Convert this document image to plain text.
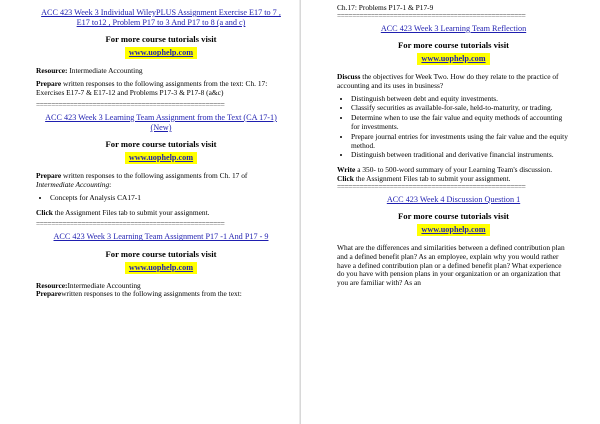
ACC 423 Week 3 Individual WileyPLUS Assignment Exercise E17 to 7 , E17 to12 , Problem P17 to 3 And P17 to 8 (a and c)
For more course tutorials visit
www.uophelp.com

Resource: Intermediate Accounting

Prepare written responses to the following assignments from the text: Ch. 17: Exercises E17-7 & E17-12 and Problems P17-3 & P17-8 (a&c)

==================================================
ACC 423 Week 3 Learning Team Assignment from the Text (CA 17-1)(New)
For more course tutorials visit
www.uophelp.com

Prepare written responses to the following assignments from Ch. 17 of Intermediate Accounting:

• Concepts for Analysis CA17-1

Click the Assignment Files tab to submit your assignment.

==================================================
ACC 423 Week 3 Learning Team Assignment P17 -1 And P17 - 9
For more course tutorials visit
www.uophelp.com

Resource:Intermediate Accounting

Preparewritten responses to the following assignments from the text:

Ch.17: Problems P17-1 & P17-9

==================================================
ACC 423 Week 3 Learning Team Reflection
For more course tutorials visit
www.uophelp.com

Discuss the objectives for Week Two. How do they relate to the practice of accounting and its uses in business?

• Distinguish between debt and equity investments.
• Classify securities as available-for-sale, held-to-maturity, or trading.
• Determine when to use the fair value and equity methods of accounting for investments.
• Prepare journal entries for investments using the fair value and the equity method.
• Distinguish between traditional and derivative financial instruments.

Write a 350- to 500-word summary of your Learning Team's discussion.

Click the Assignment Files tab to submit your assignment.

==================================================
ACC 423 Week 4 Discussion Question 1
For more course tutorials visit
www.uophelp.com

What are the differences and similarities between a defined contribution plan and a defined benefit plan? As an employee, explain why you would rather have a defined contribution plan or a defined benefit plan? What experience do you have with pension plans in your organization or an organization that you are familiar with? As an
